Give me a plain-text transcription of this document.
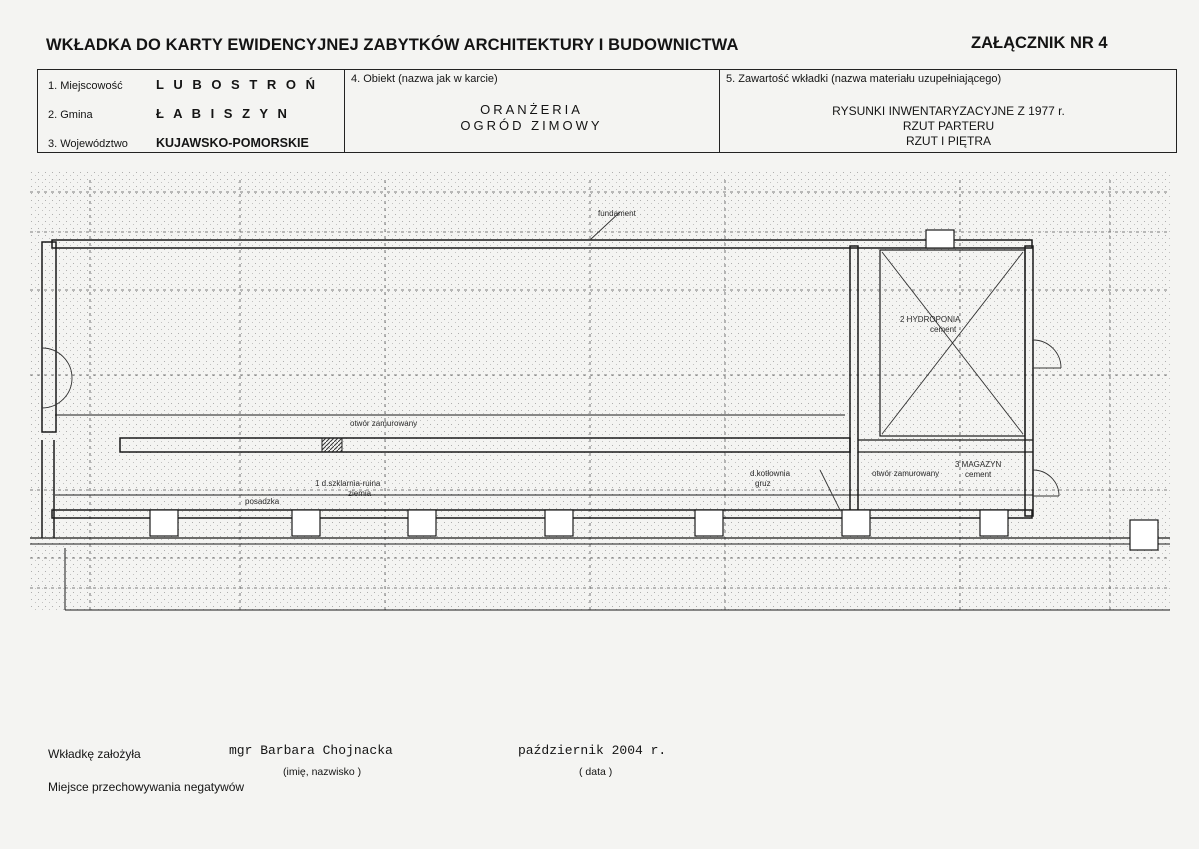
WKŁADKA DO KARTY EWIDENCYJNEJ ZABYTKÓW ARCHITEKTURY I BUDOWNICTWA	ZAŁĄCZNIK NR 4
1. Miejscowość	L U B O S T R O Ń
2. Gmina	Ł A B I S Z Y N
3. Województwo KUJAWSKO-POMORSKIE
4. Obiekt (nazwa jak w karcie)
ORANŻERIA
OGRÓD ZIMOWY
5. Zawartość wkładki (nazwa materiału uzupełniającego)
RYSUNKI INWENTARYZACYJNE Z 1977 r.
RZUT PARTERU
RZUT I PIĘTRA
fundament
2 HYDROPONIA
cement
otwór zamurowany
otwór zamurowany
3 MAGAZYN
cement
1 d.szklarnia-ruina
ziemia
d.kotłownia
gruz
posadzka
Wkładkę założyła	mgr Barbara Chojnacka
(imię, nazwisko )
październik 2004 r.
( data )
Miejsce przechowywania negatywów
